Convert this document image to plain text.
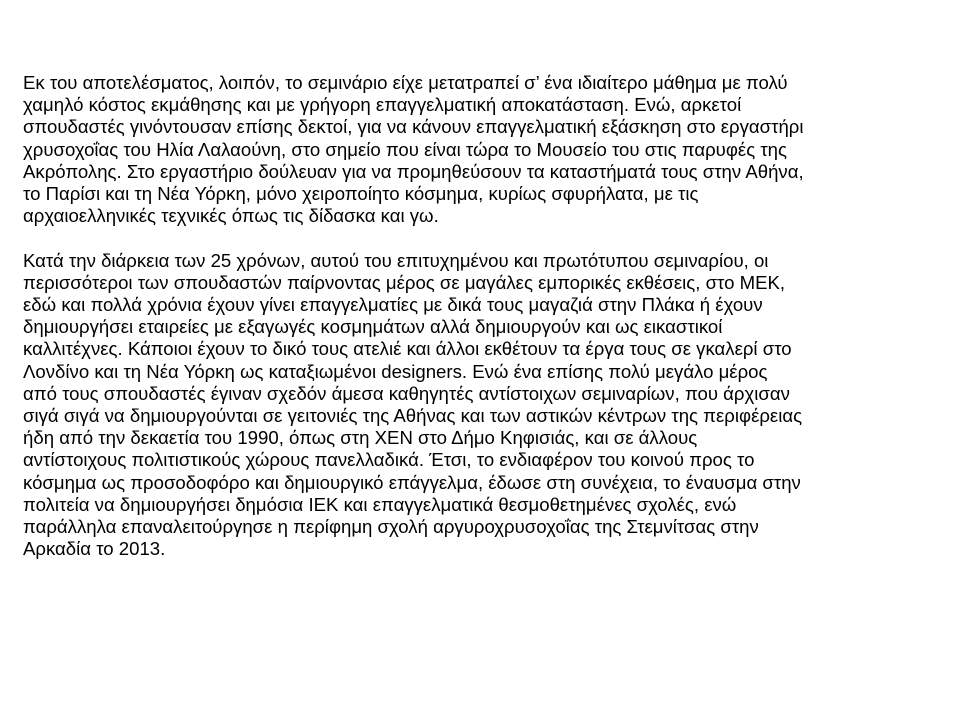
Εκ του αποτελέσματος, λοιπόν, το σεμινάριο είχε μετατραπεί σ’ ένα ιδιαίτερο μάθημα με πολύ
χαμηλό κόστος εκμάθησης και με γρήγορη επαγγελματική αποκατάσταση. Ενώ, αρκετοί
σπουδαστές γινόντουσαν επίσης δεκτοί, για να κάνουν επαγγελματική εξάσκηση στο εργαστήρι
χρυσοχοΐας του Ηλία Λαλαούνη, στο σημείο που είναι τώρα το Μουσείο του στις παρυφές της
Ακρόπολης. Στο εργαστήριο δούλευαν για να προμηθεύσουν τα καταστήματά τους στην Αθήνα,
το Παρίσι και τη Νέα Υόρκη, μόνο χειροποίητο κόσμημα, κυρίως σφυρήλατα, με τις
αρχαιοελληνικές τεχνικές όπως τις δίδασκα και γω.

Κατά την διάρκεια των 25 χρόνων, αυτού του επιτυχημένου και πρωτότυπου σεμιναρίου, οι
περισσότεροι των σπουδαστών παίρνοντας μέρος σε μαγάλες εμπορικές εκθέσεις, στο ΜΕΚ,
εδώ και πολλά χρόνια έχουν γίνει επαγγελματίες με δικά τους μαγαζιά στην Πλάκα ή έχουν
δημιουργήσει εταιρείες με εξαγωγές κοσμημάτων αλλά δημιουργούν και ως εικαστικοί
καλλιτέχνες. Κάποιοι έχουν το δικό τους ατελιέ και άλλοι εκθέτουν τα έργα τους σε γκαλερί στο
Λονδίνο και τη Νέα Υόρκη ως καταξιωμένοι designers. Ενώ ένα επίσης πολύ μεγάλο μέρος
από τους σπουδαστές έγιναν σχεδόν άμεσα καθηγητές αντίστοιχων σεμιναρίων, που άρχισαν
σιγά σιγά να δημιουργούνται σε γειτονιές της Αθήνας και των αστικών κέντρων της περιφέρειας
ήδη από την δεκαετία του 1990, όπως στη ΧΕΝ στο Δήμο Κηφισιάς, και σε άλλους
αντίστοιχους πολιτιστικούς χώρους πανελλαδικά. Έτσι, το ενδιαφέρον του κοινού προς το
κόσμημα ως προσοδοφόρο και δημιουργικό επάγγελμα, έδωσε στη συνέχεια, το έναυσμα στην
πολιτεία να δημιουργήσει δημόσια ΙΕΚ και επαγγελματικά θεσμοθετημένες σχολές, ενώ
παράλληλα επαναλειτούργησε η περίφημη σχολή αργυροχρυσοχοΐας της Στεμνίτσας στην
Αρκαδία το 2013.
